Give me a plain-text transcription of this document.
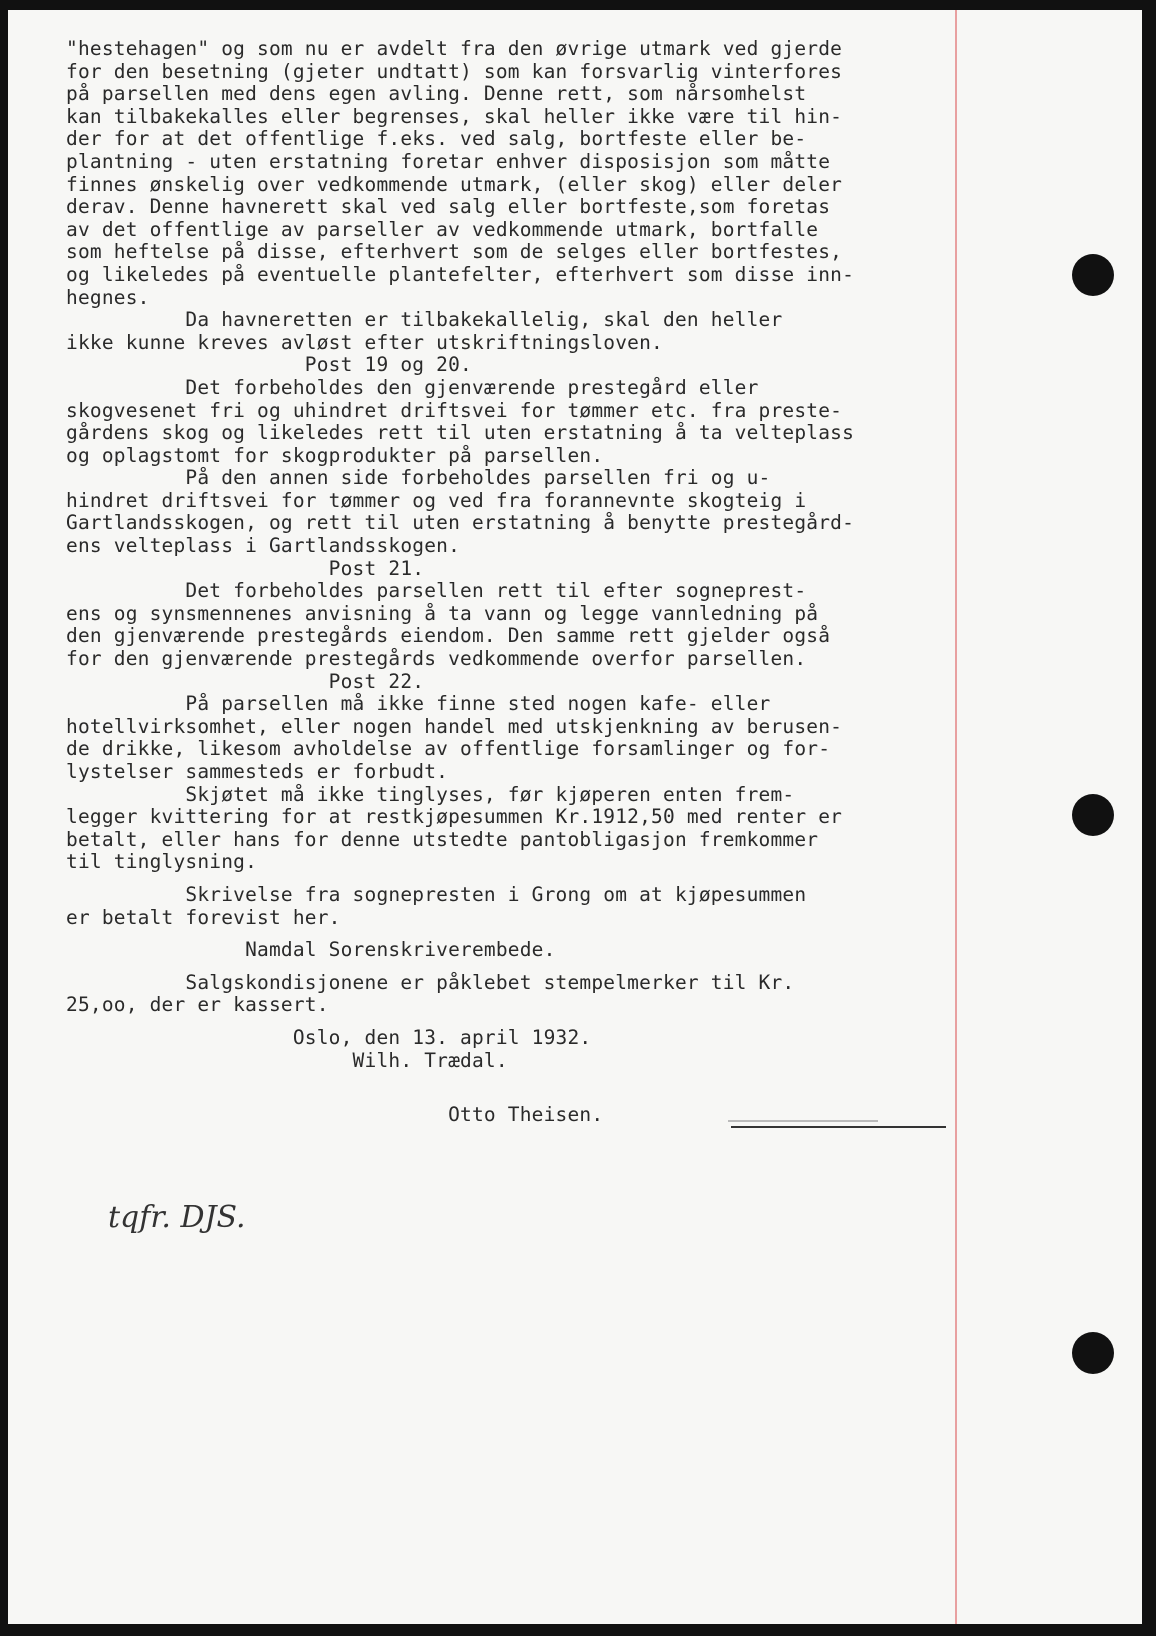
"hestehagen" og som nu er avdelt fra den øvrige utmark ved gjerde
for den besetning (gjeter undtatt) som kan forsvarlig vinterfores
på parsellen med dens egen avling. Denne rett, som nårsomhelst
kan tilbakekalles eller begrenses, skal heller ikke være til hin-
der for at det offentlige f.eks. ved salg, bortfeste eller be-
plantning - uten erstatning foretar enhver disposisjon som måtte
finnes ønskelig over vedkommende utmark, (eller skog) eller deler
derav. Denne havnerett skal ved salg eller bortfeste,som foretas
av det offentlige av parseller av vedkommende utmark, bortfalle
som heftelse på disse, efterhvert som de selges eller bortfestes,
og likeledes på eventuelle plantefelter, efterhvert som disse inn-
hegnes.
Da havneretten er tilbakekallelig, skal den heller
ikke kunne kreves avløst efter utskriftningsloven.
Post 19 og 20.
Det forbeholdes den gjenværende prestegård eller
skogvesenet fri og uhindret driftsvei for tømmer etc. fra preste-
gårdens skog og likeledes rett til uten erstatning å ta velteplass
og oplagstomt for skogprodukter på parsellen.
På den annen side forbeholdes parsellen fri og u-
hindret driftsvei for tømmer og ved fra forannevnte skogteig i
Gartlandsskogen, og rett til uten erstatning å benytte prestegård-
ens velteplass i Gartlandsskogen.
Post 21.
Det forbeholdes parsellen rett til efter sogneprest-
ens og synsmennenes anvisning å ta vann og legge vannledning på
den gjenværende prestegårds eiendom. Den samme rett gjelder også
for den gjenværende prestegårds vedkommende overfor parsellen.
Post 22.
På parsellen må ikke finne sted nogen kafe- eller
hotellvirksomhet, eller nogen handel med utskjenkning av berusen-
de drikke, likesom avholdelse av offentlige forsamlinger og for-
lystelser sammesteds er forbudt.
Skjøtet må ikke tinglyses, før kjøperen enten frem-
legger kvittering for at restkjøpesummen Kr.1912,50 med renter er
betalt, eller hans for denne utstedte pantobligasjon fremkommer
til tinglysning.
Skrivelse fra sognepresten i Grong om at kjøpesummen
er betalt forevist her.
Namdal Sorenskriverembede.
Salgskondisjonene er påklebet stempelmerker til Kr.
25,oo, der er kassert.
Oslo, den 13. april 1932.
Wilh. Trædal.
Otto Theisen.
tqfr. DJS.
